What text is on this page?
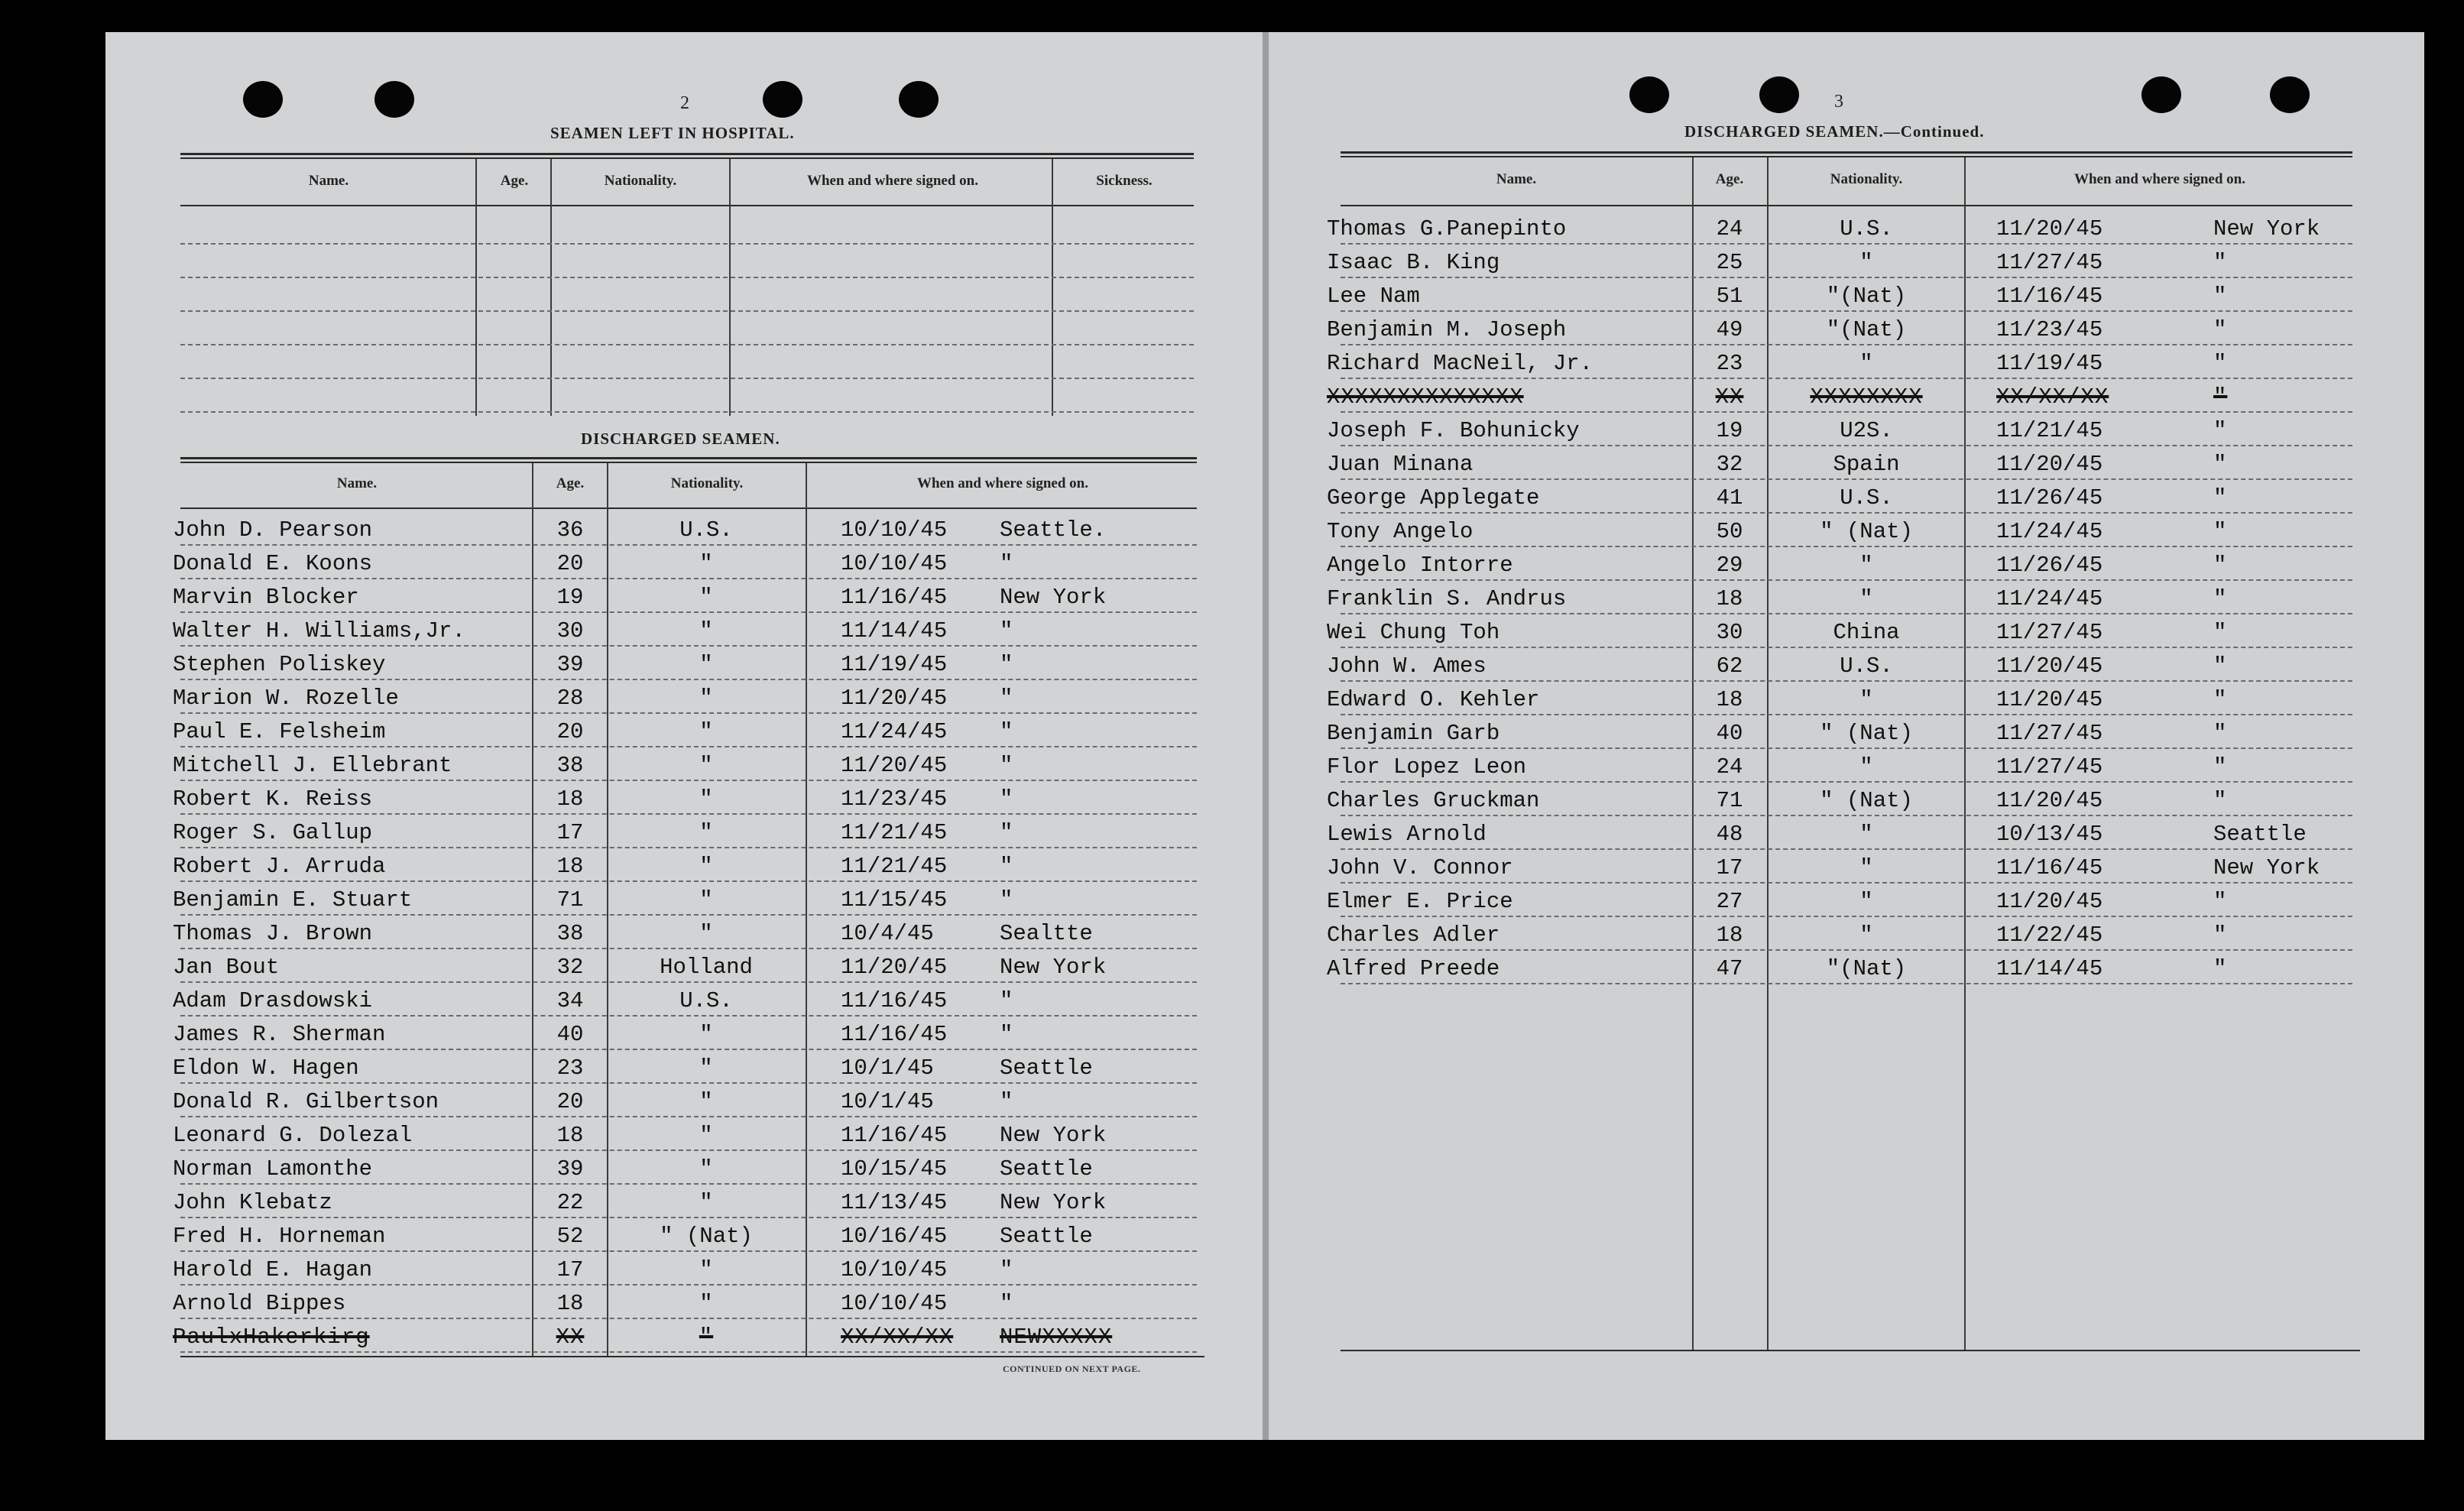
2
SEAMEN LEFT IN HOSPITAL.
Name.	Age.	Nationality.	When and where signed on.	Sickness.
DISCHARGED SEAMEN.
Name.	Age.	Nationality.	When and where signed on.
CONTINUED ON NEXT PAGE.
John D. Pearson	36	U.S.	10/10/45 Seattle.
Donald E. Koons	20	"	10/10/45 "
Marvin Blocker	19	"	11/16/45 New York
Walter H. Williams,Jr.	30	"	11/14/45 "
Stephen Poliskey	39	"	11/19/45 "
Marion W. Rozelle	28	"	11/20/45 "
Paul E. Felsheim	20	"	11/24/45 "
Mitchell J. Ellebrant	38	"	11/20/45 "
Robert K. Reiss	18	"	11/23/45 "
Roger S. Gallup	17	"	11/21/45 "
Robert J. Arruda	18	"	11/21/45 "
Benjamin E. Stuart	71	"	11/15/45 "
Thomas J. Brown	38	"	10/4/45	Sealtte
Jan Bout	32	Holland	11/20/45 New York
Adam Drasdowski	34	U.S.	11/16/45 "
James R. Sherman	40	"	11/16/45 "
Eldon W. Hagen	23	"	10/1/45	Seattle
Donald R. Gilbertson	20	"	10/1/45	"
Leonard G. Dolezal	18	"	11/16/45 New York
Norman Lamonthe	39	"	10/15/45 Seattle
John Klebatz	22	"	11/13/45 New York
Fred H. Horneman	52	" (Nat)	10/16/45 Seattle
Harold E. Hagan	17	"	10/10/45 "
Arnold Bippes	18	"	10/10/45 "
PaulxHakerkirg	XX	"	XX/XX/XX NEWXXXXX
3
DISCHARGED SEAMEN.—Continued.
Name.	Age.	Nationality.	When and where signed on.
Thomas G.Panepinto	24	U.S.	11/20/45	New York
Isaac B. King	25	"	11/27/45	"
Lee Nam	51	"(Nat)	11/16/45	"
Benjamin M. Joseph	49	"(Nat)	11/23/45	"
Richard MacNeil, Jr.	23	"	11/19/45	"
XXXXXXXXXXXXXX	XX	XXXXXXXX	XX/XX/XX	"
Joseph F. Bohunicky	19	U2S.	11/21/45	"
Juan Minana	32	Spain	11/20/45	"
George Applegate	41	U.S.	11/26/45	"
Tony Angelo	50	" (Nat)	11/24/45	"
Angelo Intorre	29	"	11/26/45	"
Franklin S. Andrus	18	"	11/24/45	"
Wei Chung Toh	30	China	11/27/45	"
John W. Ames	62	U.S.	11/20/45	"
Edward O. Kehler	18	"	11/20/45	"
Benjamin Garb	40	" (Nat)	11/27/45	"
Flor Lopez Leon	24	"	11/27/45	"
Charles Gruckman	71	" (Nat)	11/20/45	"
Lewis Arnold	48	"	10/13/45	Seattle
John V. Connor	17	"	11/16/45	New York
Elmer E. Price	27	"	11/20/45	"
Charles Adler	18	"	11/22/45	"
Alfred Preede	47	"(Nat)	11/14/45	"
